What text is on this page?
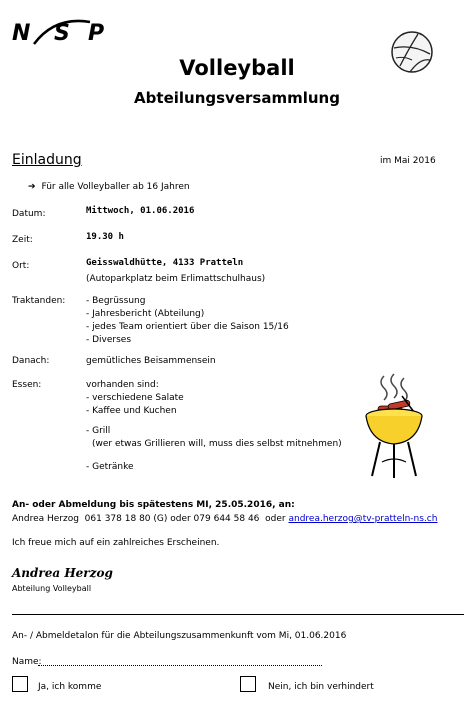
N S P
Volleyball
Abteilungsversammlung
Einladung	im Mai 2016
➔ Für alle Volleyballer ab 16 Jahren
Datum:	Mittwoch, 01.06.2016
Zeit:	19.30 h
Ort:	Geisswaldhütte, 4133 Pratteln
(Autoparkplatz beim Erlimattschulhaus)
Traktanden: - Begrüssung
- Jahresbericht (Abteilung)
- jedes Team orientiert über die Saison 15/16
- Diverses
Danach:	gemütliches Beisammensein
Essen:	vorhanden sind:
- verschiedene Salate
- Kaffee und Kuchen
- Grill
(wer etwas Grillieren will, muss dies selbst mitnehmen)
- Getränke
An- oder Abmeldung bis spätestens MI, 25.05.2016, an:
Andrea Herzog 061 378 18 80 (G) oder 079 644 58 46 oder andrea.herzog@tv-pratteln-ns.ch
Ich freue mich auf ein zahlreiches Erscheinen.
Andrea Herzog
Abteilung Volleyball
An- / Abmeldetalon für die Abteilungszusammenkunft vom Mi, 01.06.2016
Name:
Ja, ich komme	Nein, ich bin verhindert
